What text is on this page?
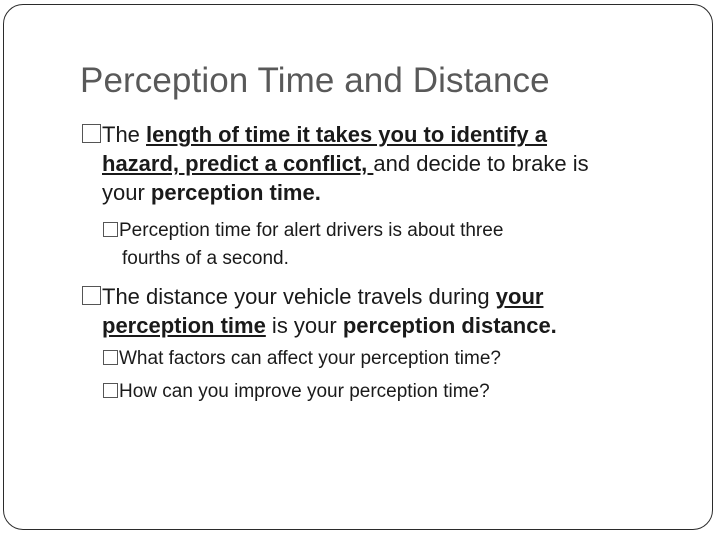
Perception Time and Distance
The length of time it takes you to identify a
hazard, predict a conflict, and decide to brake is
your perception time.
Perception time for alert drivers is about three
fourths of a second.
The distance your vehicle travels during your
perception time is your perception distance.
What factors can affect your perception time?
How can you improve your perception time?
